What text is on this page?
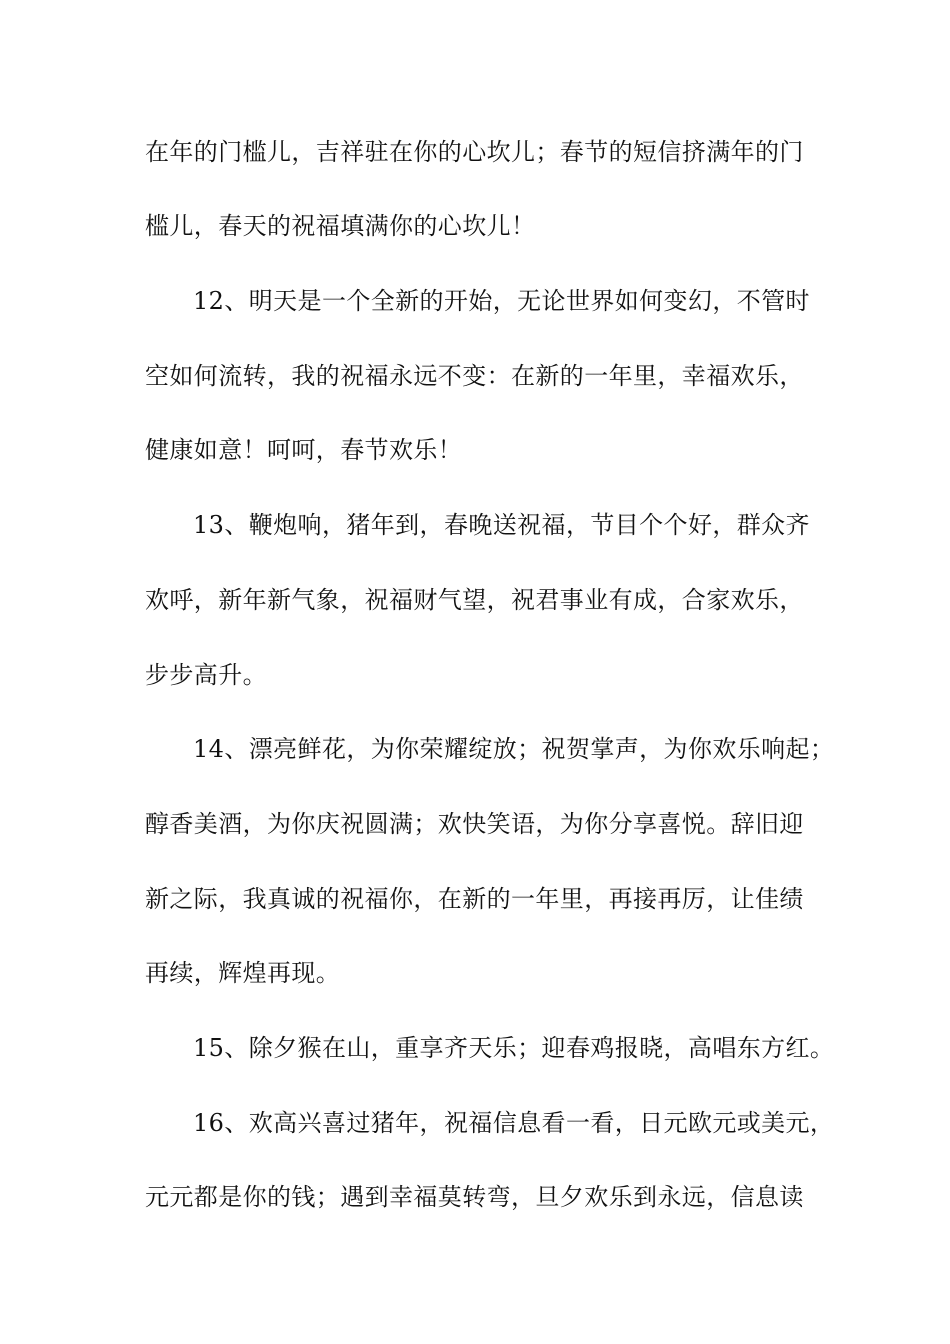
在年的门槛儿，吉祥驻在你的心坎儿；春节的短信挤满年的门
槛儿，春天的祝福填满你的心坎儿！
12、明天是一个全新的开始，无论世界如何变幻，不管时
空如何流转，我的祝福永远不变：在新的一年里，幸福欢乐，
健康如意！呵呵，春节欢乐！
13、鞭炮响，猪年到，春晚送祝福，节目个个好，群众齐
欢呼，新年新气象，祝福财气望，祝君事业有成，合家欢乐，
步步高升。
14、漂亮鲜花，为你荣耀绽放；祝贺掌声，为你欢乐响起；
醇香美酒，为你庆祝圆满；欢快笑语，为你分享喜悦。辞旧迎
新之际，我真诚的祝福你，在新的一年里，再接再厉，让佳绩
再续，辉煌再现。
15、除夕猴在山，重享齐天乐；迎春鸡报晓，高唱东方红。
16、欢高兴喜过猪年，祝福信息看一看，日元欧元或美元，
元元都是你的钱；遇到幸福莫转弯，旦夕欢乐到永远，信息读
